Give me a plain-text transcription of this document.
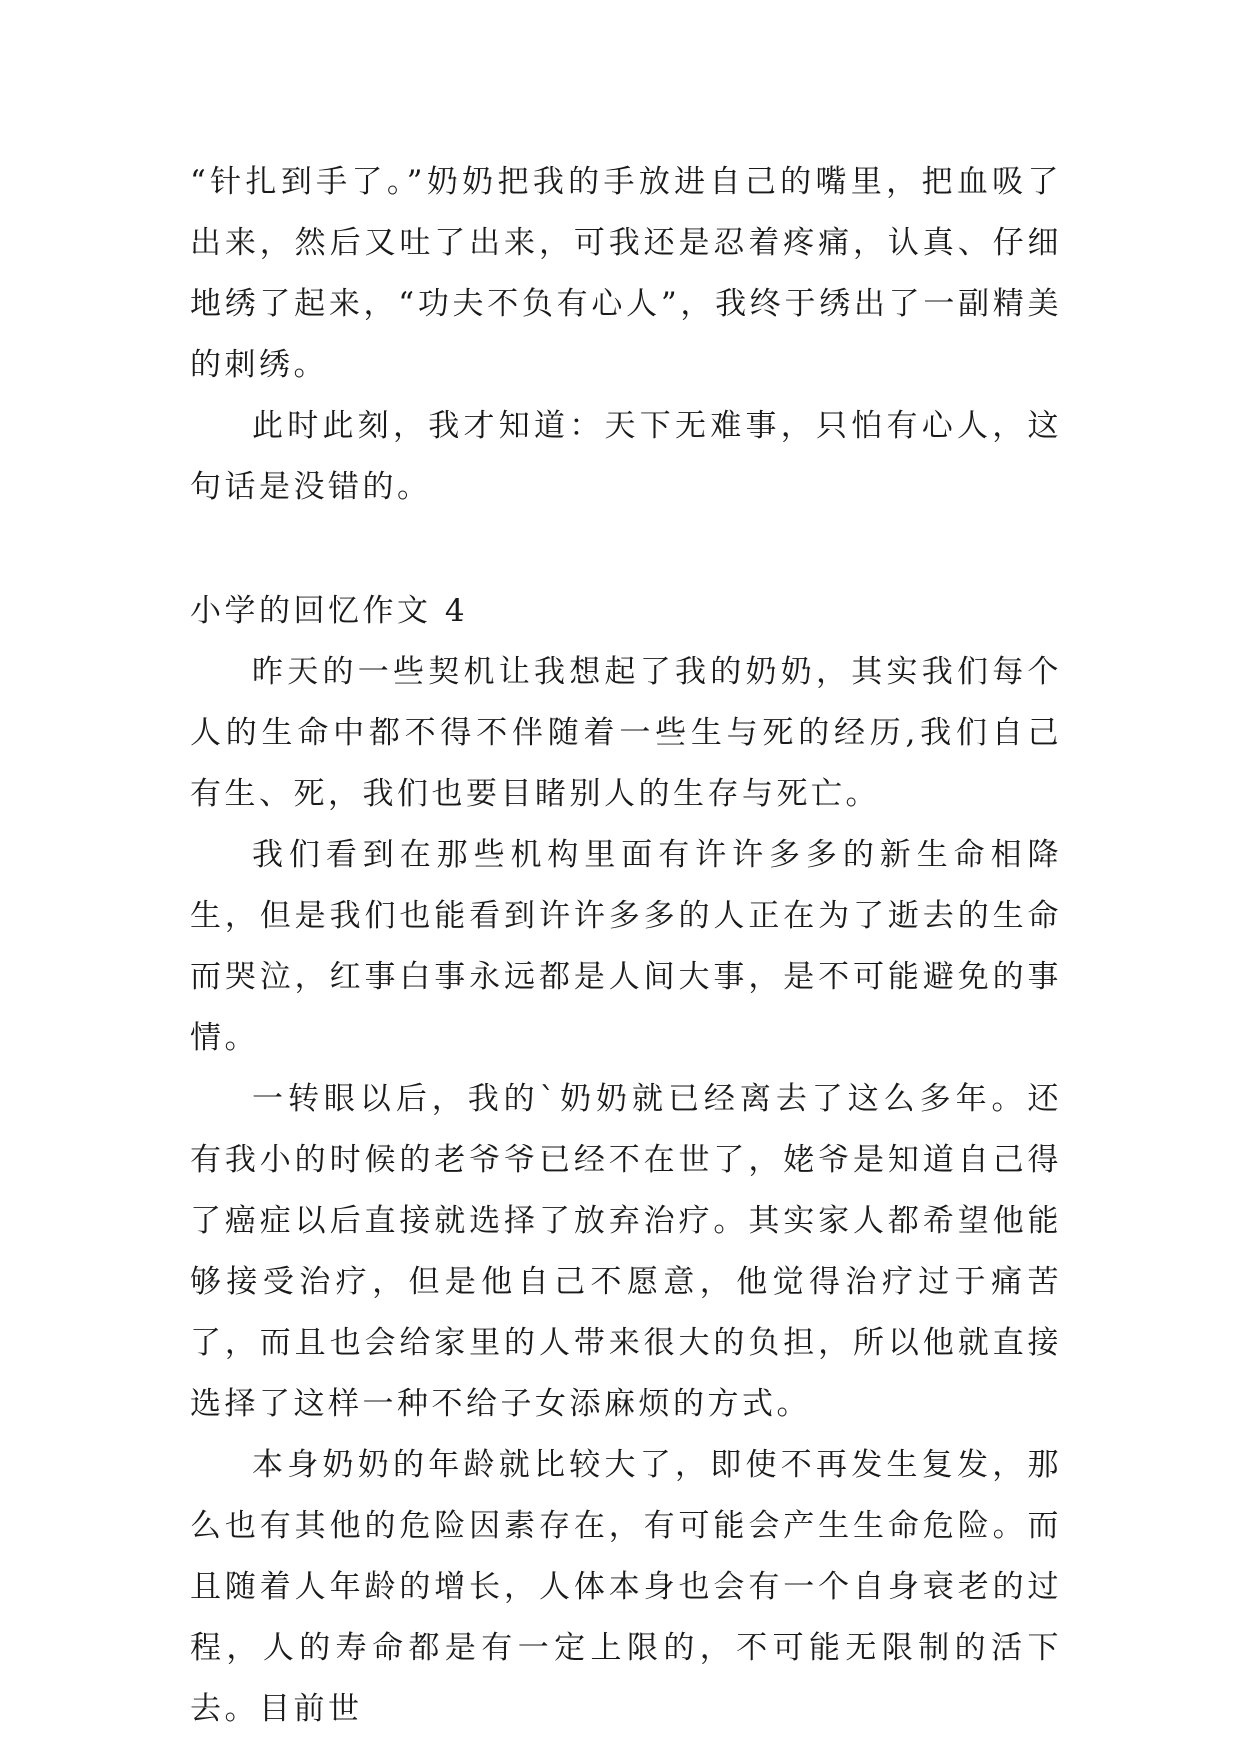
“针扎到手了。”奶奶把我的手放进自己的嘴里，把血吸了出来，然后又吐了出来，可我还是忍着疼痛，认真、仔细地绣了起来，“功夫不负有心人”，我终于绣出了一副精美的刺绣。

此时此刻，我才知道：天下无难事，只怕有心人，这句话是没错的。

小学的回忆作文 4

昨天的一些契机让我想起了我的奶奶，其实我们每个人的生命中都不得不伴随着一些生与死的经历,我们自己有生、死，我们也要目睹别人的生存与死亡。

我们看到在那些机构里面有许许多多的新生命相降生，但是我们也能看到许许多多的人正在为了逝去的生命而哭泣，红事白事永远都是人间大事，是不可能避免的事情。

一转眼以后，我的`奶奶就已经离去了这么多年。还有我小的时候的老爷爷已经不在世了，姥爷是知道自己得了癌症以后直接就选择了放弃治疗。其实家人都希望他能够接受治疗，但是他自己不愿意，他觉得治疗过于痛苦了，而且也会给家里的人带来很大的负担，所以他就直接选择了这样一种不给子女添麻烦的方式。

本身奶奶的年龄就比较大了，即使不再发生复发，那么也有其他的危险因素存在，有可能会产生生命危险。而且随着人年龄的增长，人体本身也会有一个自身衰老的过程，人的寿命都是有一定上限的，不可能无限制的活下去。目前世
